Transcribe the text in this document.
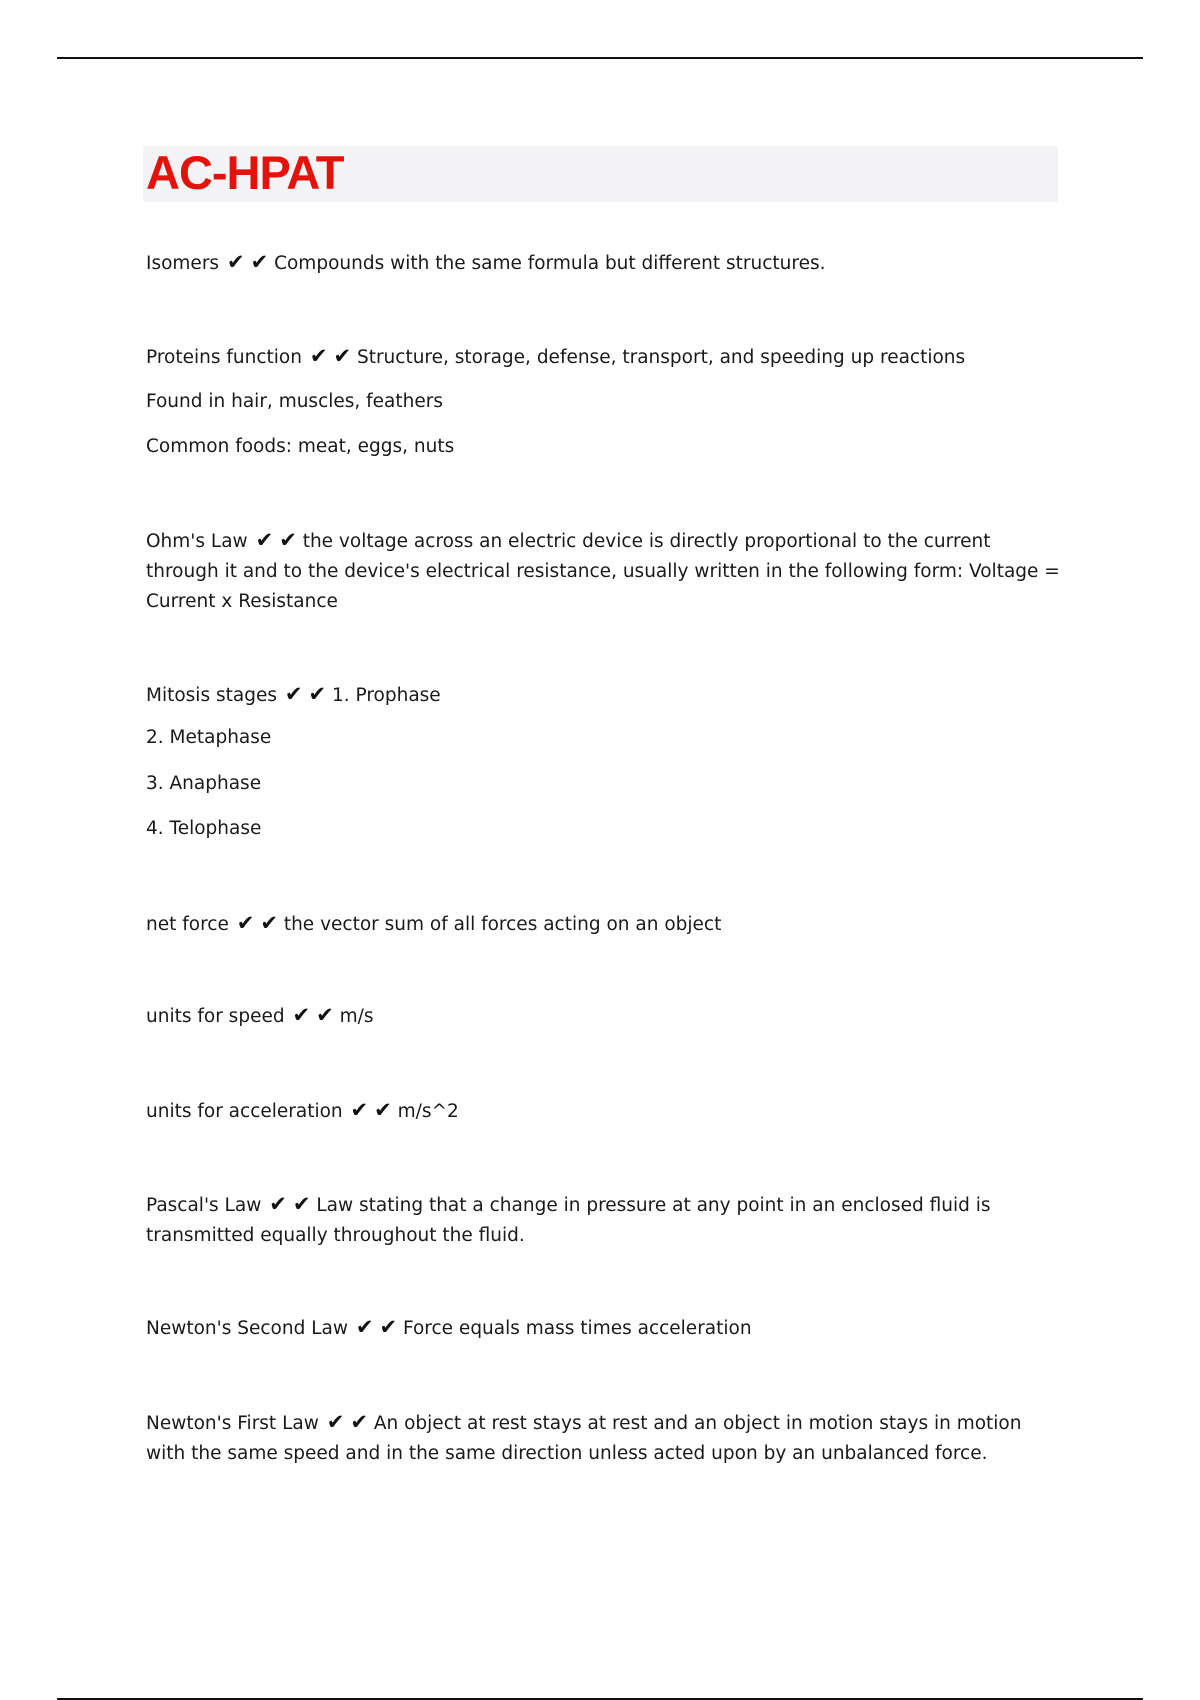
AC-HPAT
Isomers ✔ ✔ Compounds with the same formula but different structures.
Proteins function ✔ ✔ Structure, storage, defense, transport, and speeding up reactions
Found in hair, muscles, feathers
Common foods: meat, eggs, nuts
Ohm's Law ✔ ✔ the voltage across an electric device is directly proportional to the current through it and to the device's electrical resistance, usually written in the following form: Voltage = Current x Resistance
Mitosis stages ✔ ✔ 1. Prophase
2. Metaphase
3. Anaphase
4. Telophase
net force ✔ ✔ the vector sum of all forces acting on an object
units for speed ✔ ✔ m/s
units for acceleration ✔ ✔ m/s^2
Pascal's Law ✔ ✔ Law stating that a change in pressure at any point in an enclosed fluid is transmitted equally throughout the fluid.
Newton's Second Law ✔ ✔ Force equals mass times acceleration
Newton's First Law ✔ ✔ An object at rest stays at rest and an object in motion stays in motion with the same speed and in the same direction unless acted upon by an unbalanced force.
